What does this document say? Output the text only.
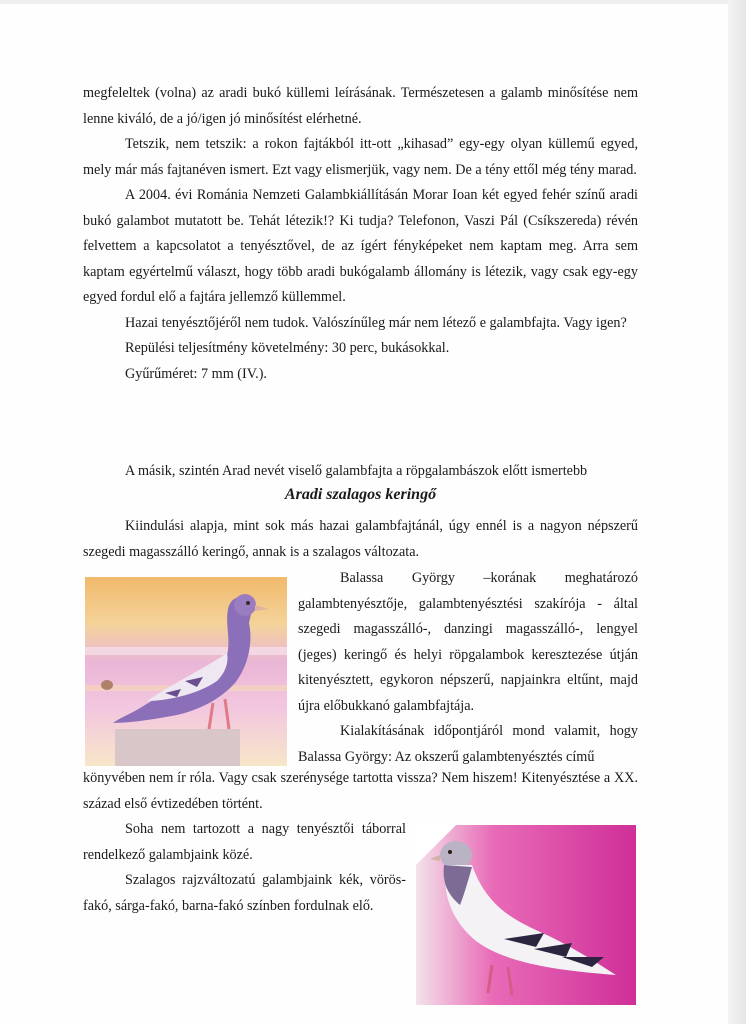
megfeleltek (volna) az aradi bukó küllemi leírásának. Természetesen a galamb minősítése nem lenne kiváló, de a jó/igen jó minősítést elérhetné.

Tetszik, nem tetszik: a rokon fajtákból itt-ott „kihasad” egy-egy olyan küllemű egyed, mely már más fajtanéven ismert. Ezt vagy elismerjük, vagy nem. De a tény ettől még tény marad.

A 2004. évi Románia Nemzeti Galambkiállításán Morar Ioan két egyed fehér színű aradi bukó galambot mutatott be. Tehát létezik!? Ki tudja? Telefonon, Vaszi Pál (Csíkszereda) révén felvettem a kapcsolatot a tenyésztővel, de az ígért fényképeket nem kaptam meg. Arra sem kaptam egyértelmű választ, hogy több aradi bukógalamb állomány is létezik, vagy csak egy-egy egyed fordul elő a fajtára jellemző küllemmel.

Hazai tenyésztőjéről nem tudok. Valószínűleg már nem létező e galambfajta. Vagy igen?

Repülési teljesítmény követelmény: 30 perc, bukásokkal.

Gyűrűméret: 7 mm (IV.).

A másik, szintén Arad nevét viselő galambfajta a röpgalambászok előtt ismertebb

Aradi szalagos keringő

Kiindulási alapja, mint sok más hazai galambfajtánál, úgy ennél is a nagyon népszerű szegedi magasszálló keringő, annak is a szalagos változata.

Balassa György –korának meghatározó galambtenyésztője, galambtenyésztési szakírója - által szegedi magasszálló-, danzingi magasszálló-, lengyel (jeges) keringő és helyi röpgalambok keresztezése útján kitenyésztett, egykoron népszerű, napjainkra eltűnt, majd újra előbukkanó galambfajtája.

Kialakításának időpontjáról mond valamit, hogy Balassa György: Az okszerű galambtenyésztés című

könyvében nem ír róla. Vagy csak szerénysége tartotta vissza? Nem hiszem! Kitenyésztése a XX. század első évtizedében történt.

Soha nem tartozott a nagy tenyésztői táborral rendelkező galambjaink közé.

Szalagos rajzváltozatú galambjaink kék, vörös-fakó, sárga-fakó, barna-fakó színben fordulnak elő.
